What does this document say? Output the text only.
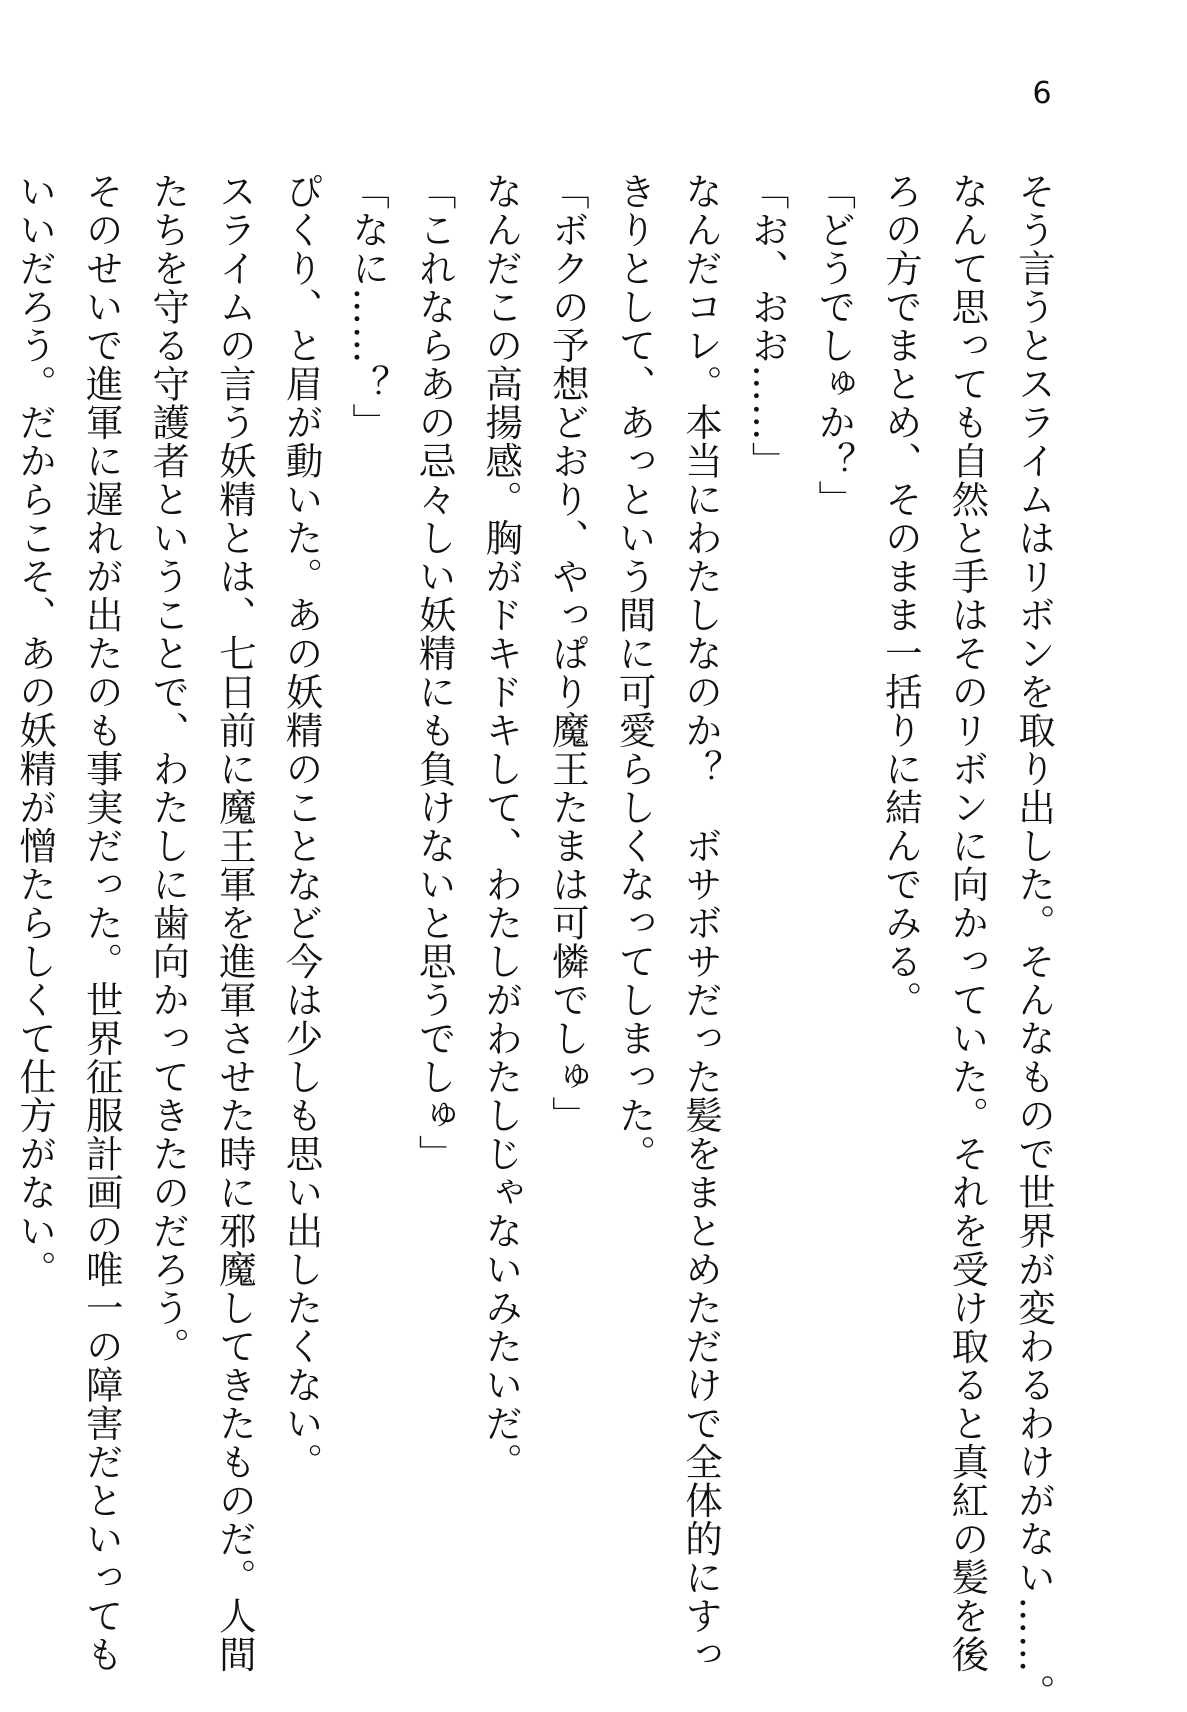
6
そう言うとスライムはリボンを取り出した。そんなもので世界が変わるわけがない……。
なんて思っても自然と手はそのリボンに向かっていた。それを受け取ると真紅の髪を後
ろの方でまとめ、そのまま一括りに結んでみる。
「どうでしゅか？」
「お、おお……」
なんだコレ。本当にわたしなのか？　ボサボサだった髪をまとめただけで全体的にすっ
きりとして、あっという間に可愛らしくなってしまった。
「ボクの予想どおり、やっぱり魔王たまは可憐でしゅ」
なんだこの高揚感。胸がドキドキして、わたしがわたしじゃないみたいだ。
「これならあの忌々しい妖精にも負けないと思うでしゅ」
「なに……？」
ぴくり、と眉が動いた。あの妖精のことなど今は少しも思い出したくない。
スライムの言う妖精とは、七日前に魔王軍を進軍させた時に邪魔してきたものだ。人間
たちを守る守護者ということで、わたしに歯向かってきたのだろう。
そのせいで進軍に遅れが出たのも事実だった。世界征服計画の唯一の障害だといっても
いいだろう。だからこそ、あの妖精が憎たらしくて仕方がない。
